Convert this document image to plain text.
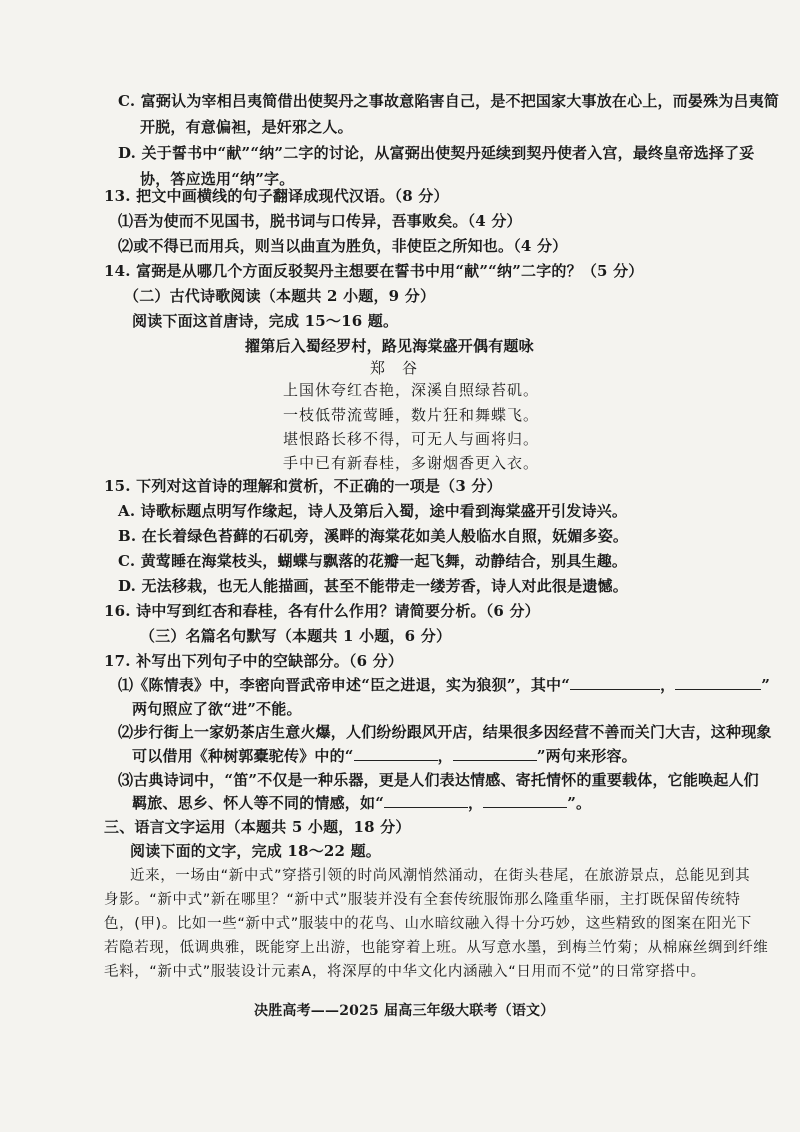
C. 富弼认为宰相吕夷简借出使契丹之事故意陷害自己，是不把国家大事放在心上，而晏殊为吕夷简
开脱，有意偏袒，是奸邪之人。
D. 关于誓书中“献”“纳”二字的讨论，从富弼出使契丹延续到契丹使者入宫，最终皇帝选择了妥
协，答应选用“纳”字。
13. 把文中画横线的句子翻译成现代汉语。（8 分）
⑴吾为使而不见国书，脱书词与口传异，吾事败矣。（4 分）
⑵或不得已而用兵，则当以曲直为胜负，非使臣之所知也。（4 分）
14. 富弼是从哪几个方面反驳契丹主想要在誓书中用“献”“纳”二字的？（5 分）
（二）古代诗歌阅读（本题共 2 小题，9 分）
阅读下面这首唐诗，完成 15～16 题。
擢第后入蜀经罗村，路见海棠盛开偶有题咏
郑　谷
上国休夸红杏艳，深溪自照绿苔矶。
一枝低带流莺睡，数片狂和舞蝶飞。
堪恨路长移不得，可无人与画将归。
手中已有新春桂，多谢烟香更入衣。
15. 下列对这首诗的理解和赏析，不正确的一项是（3 分）
A. 诗歌标题点明写作缘起，诗人及第后入蜀，途中看到海棠盛开引发诗兴。
B. 在长着绿色苔藓的石矶旁，溪畔的海棠花如美人般临水自照，妩媚多姿。
C. 黄莺睡在海棠枝头，蝴蝶与飘落的花瓣一起飞舞，动静结合，别具生趣。
D. 无法移栽，也无人能描画，甚至不能带走一缕芳香，诗人对此很是遗憾。
16. 诗中写到红杏和春桂，各有什么作用？请简要分析。（6 分）
（三）名篇名句默写（本题共 1 小题，6 分）
17. 补写出下列句子中的空缺部分。（6 分）
⑴《陈情表》中，李密向晋武帝申述“臣之进退，实为狼狈”，其中“	，	”
两句照应了欲“进”不能。
⑵步行街上一家奶茶店生意火爆，人们纷纷跟风开店，结果很多因经营不善而关门大吉，这种现象
可以借用《种树郭橐驼传》中的“	，	”两句来形容。
⑶古典诗词中，“笛”不仅是一种乐器，更是人们表达情感、寄托情怀的重要载体，它能唤起人们
羁旅、思乡、怀人等不同的情感，如“	，	”。
三、语言文字运用（本题共 5 小题，18 分）
阅读下面的文字，完成 18～22 题。
近来，一场由“新中式”穿搭引领的时尚风潮悄然涌动，在街头巷尾，在旅游景点，总能见到其
身影。“新中式”新在哪里？“新中式”服装并没有全套传统服饰那么隆重华丽，主打既保留传统特
色，(甲)。比如一些“新中式”服装中的花鸟、山水暗纹融入得十分巧妙，这些精致的图案在阳光下
若隐若现，低调典雅，既能穿上出游，也能穿着上班。从写意水墨，到梅兰竹菊；从棉麻丝绸到纤维
毛料，“新中式”服装设计元素A，将深厚的中华文化内涵融入“日用而不觉”的日常穿搭中。
决胜高考——2025 届高三年级大联考（语文）
